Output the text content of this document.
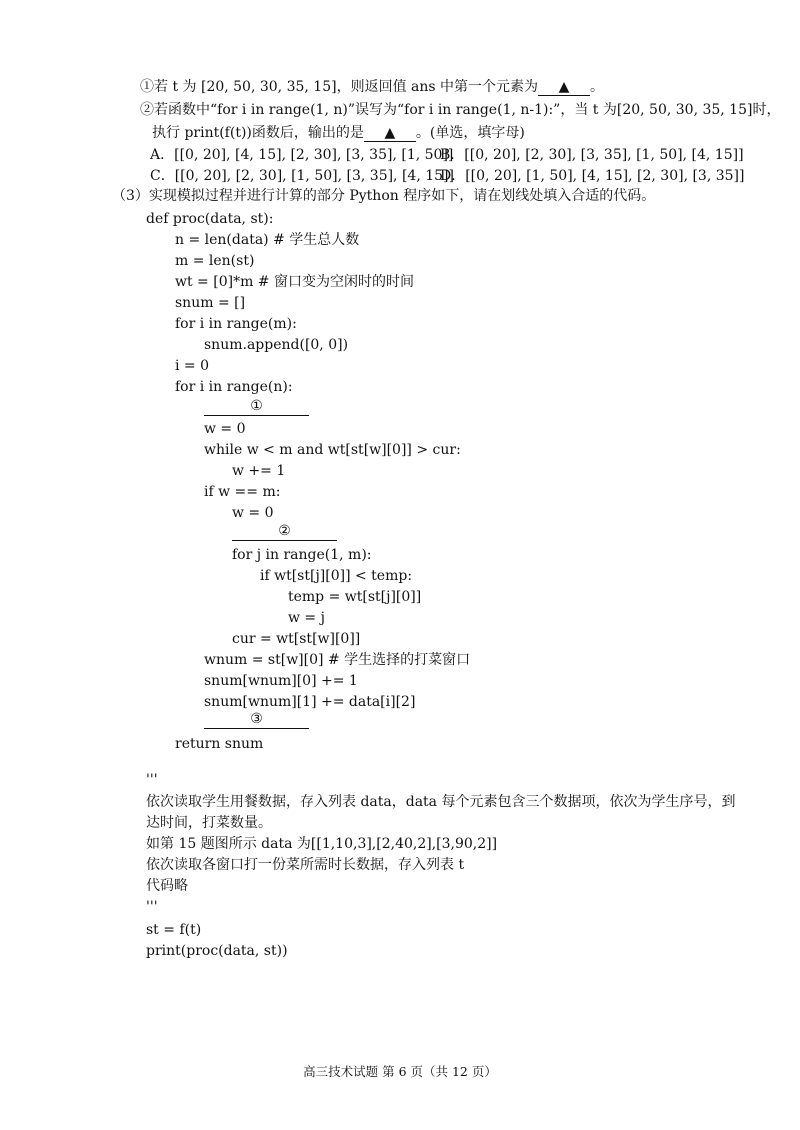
①若 t 为 [20, 50, 30, 35, 15]，则返回值 ans 中第一个元素为 ▲ 。
②若函数中“for i in range(1, n)”误写为“for i in range(1, n-1):”，当 t 为[20, 50, 30, 35, 15]时，
执行 print(f(t))函数后，输出的是 ▲ 。(单选，填字母)
A．[[0, 20], [4, 15], [2, 30], [3, 35], [1, 50]]
B．[[0, 20], [2, 30], [3, 35], [1, 50], [4, 15]]
C．[[0, 20], [2, 30], [1, 50], [3, 35], [4, 15]]
D．[[0, 20], [1, 50], [4, 15], [2, 30], [3, 35]]
（3）实现模拟过程并进行计算的部分 Python 程序如下，请在划线处填入合适的代码。
def proc(data, st):
n = len(data) # 学生总人数
m = len(st)
wt = [0]*m # 窗口变为空闲时的时间
snum = []
for i in range(m):
snum.append([0, 0])
i = 0
for i in range(n):
①
w = 0
while w < m and wt[st[w][0]] > cur:
w += 1
if w == m:
w = 0
②
for j in range(1, m):
if wt[st[j][0]] < temp:
temp = wt[st[j][0]]
w = j
cur = wt[st[w][0]]
wnum = st[w][0] # 学生选择的打菜窗口
snum[wnum][0] += 1
snum[wnum][1] += data[i][2]
③
return snum
'''
依次读取学生用餐数据，存入列表 data，data 每个元素包含三个数据项，依次为学生序号，到
达时间，打菜数量。
如第 15 题图所示 data 为[[1,10,3],[2,40,2],[3,90,2]]
依次读取各窗口打一份菜所需时长数据，存入列表 t
代码略
'''
st = f(t)
print(proc(data, st))
高三技术试题 第 6 页（共 12 页）
